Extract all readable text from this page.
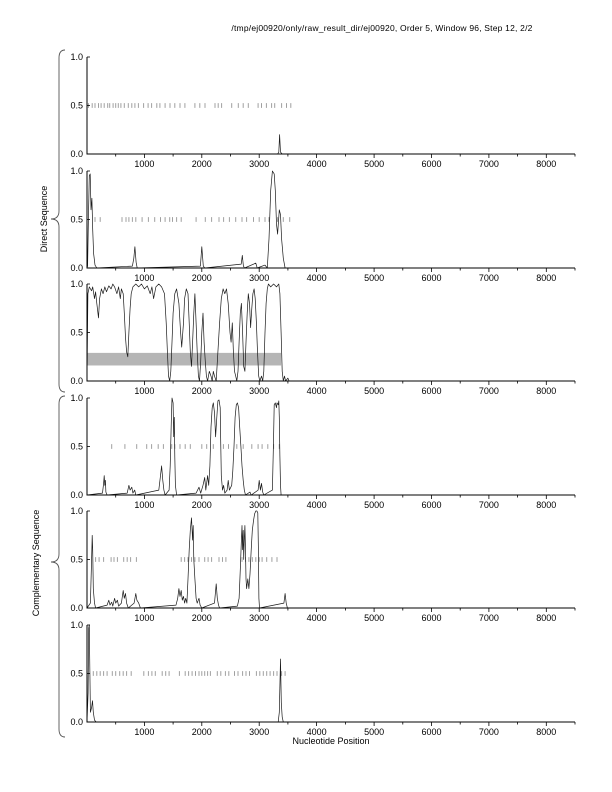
/tmp/ej00920/only/raw_result_dir/ej00920, Order 5, Window 96, Step 12, 2/2
Direct Sequence
Complementary Sequence
1.0
0.5
0.0
1000	2000	3000	4000	5000	6000	7000	8000
1.0
0.5
0.0
1000	2000	3000	4000	5000	6000	7000	8000
1.0
0.5
0.0
1000	2000	3000	4000	5000	6000	7000	8000
1.0
0.5
0.0
1000	2000	3000	4000	5000	6000	7000	8000
1.0
0.5
0.0
1000	2000	3000	4000	5000	6000	7000	8000
1.0
0.5
0.0
1000	2000	3000	4000	5000	6000	7000	8000
Nucleotide Position
